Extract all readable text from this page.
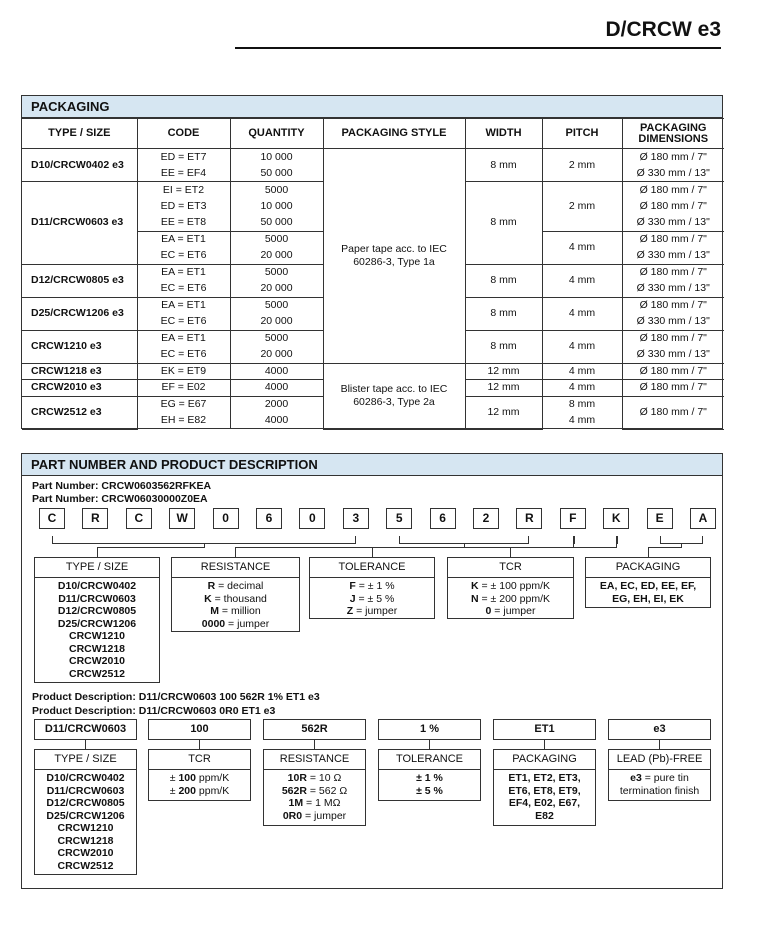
D/CRCW e3
PACKAGING
TYPE / SIZE	CODE	QUANTITY	PACKAGING STYLE	WIDTH	PITCH	PACKAGING DIMENSIONS
D10/CRCW0402 e3	ED = ET7	10 000	Paper tape acc. to IEC 60286-3, Type 1a	8 mm	2 mm	Ø 180 mm / 7"
	EE = EF4	50 000				Ø 330 mm / 13"
D11/CRCW0603 e3	EI = ET2	5000		8 mm	2 mm	Ø 180 mm / 7"
	ED = ET3	10 000				Ø 180 mm / 7"
	EE = ET8	50 000				Ø 330 mm / 13"
	EA = ET1	5000			4 mm	Ø 180 mm / 7"
	EC = ET6	20 000				Ø 330 mm / 13"
D12/CRCW0805 e3	EA = ET1	5000		8 mm	4 mm	Ø 180 mm / 7"
	EC = ET6	20 000				Ø 330 mm / 13"
D25/CRCW1206 e3	EA = ET1	5000		8 mm	4 mm	Ø 180 mm / 7"
	EC = ET6	20 000				Ø 330 mm / 13"
CRCW1210 e3	EA = ET1	5000		8 mm	4 mm	Ø 180 mm / 7"
	EC = ET6	20 000				Ø 330 mm / 13"
CRCW1218 e3	EK = ET9	4000	Blister tape acc. to IEC 60286-3, Type 2a	12 mm	4 mm	Ø 180 mm / 7"
CRCW2010 e3	EF = E02	4000		12 mm	4 mm	Ø 180 mm / 7"
CRCW2512 e3	EG = E67	2000		12 mm	8 mm	Ø 180 mm / 7"
	EH = E82	4000			4 mm	
PART NUMBER AND PRODUCT DESCRIPTION
Part Number: CRCW0603562RFKEA
Part Number: CRCW06030000Z0EA
C	R	C	W	0	6	0	3	5	6	2	R	F	K	E	A
TYPE / SIZE
D10/CRCW0402
D11/CRCW0603
D12/CRCW0805
D25/CRCW1206
CRCW1210
CRCW1218
CRCW2010
CRCW2512
RESISTANCE
R = decimal
K = thousand
M = million
0000 = jumper
TOLERANCE
F = ± 1 %
J = ± 5 %
Z = jumper
TCR
K = ± 100 ppm/K
N = ± 200 ppm/K
0 = jumper
PACKAGING
EA, EC, ED, EE, EF,
EG, EH, EI, EK
Product Description: D11/CRCW0603 100 562R 1% ET1 e3
Product Description: D11/CRCW0603 0R0 ET1 e3
D11/CRCW0603	100	562R	1 %	ET1	e3
TYPE / SIZE
D10/CRCW0402
D11/CRCW0603
D12/CRCW0805
D25/CRCW1206
CRCW1210
CRCW1218
CRCW2010
CRCW2512
TCR
± 100 ppm/K
± 200 ppm/K
RESISTANCE
10R = 10 Ω
562R = 562 Ω
1M = 1 MΩ
0R0 = jumper
TOLERANCE
± 1 %
± 5 %
PACKAGING
ET1, ET2, ET3,
ET6, ET8, ET9,
EF4, E02, E67,
E82
LEAD (Pb)-FREE
e3 = pure tin
termination finish
